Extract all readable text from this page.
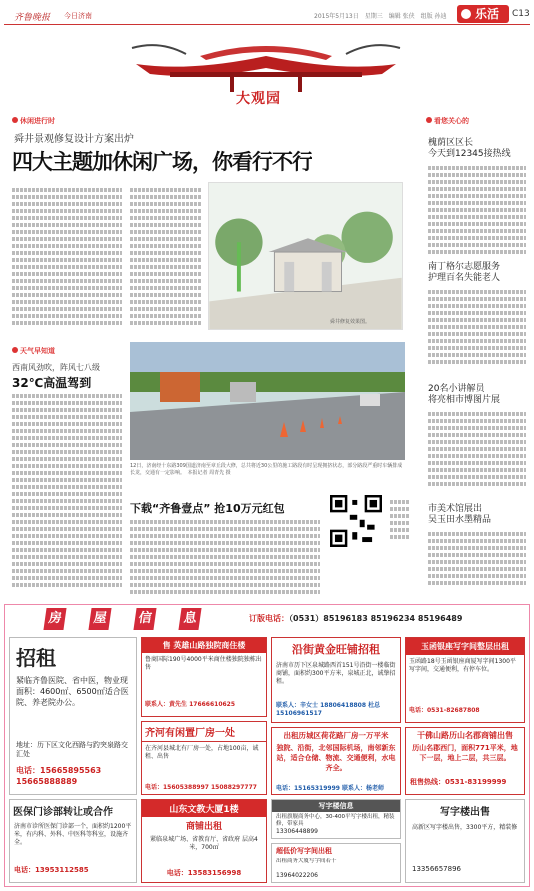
齐鲁晚报 今日济南	2015年5月13日　星期三　编辑 张侠　组版 孙迪	乐活	C13
大观园
休闲进行时
舜井景观修复设计方案出炉
四大主题加休闲广场，你看行不行
舜井修复效果图。
看您关心的
槐荫区区长
今天到12345接热线
南丁格尔志愿服务
护理百名失能老人
20名小讲解员
将亮相市博图片展
市美术馆展出
吴玉田水墨精品
天气早知道
西南风劲吹，阵风七八级
32℃高温驾到
12日，济南经十东路309国道济南至章丘段大修，总共将近30公里的施工路段有时呈现拥挤状态，部分路段严重时车辆排成长龙，交通有一定影响。　本报记者 周青先 摄
下载“齐鲁壹点” 抢10万元红包
房	屋	信	息	订版电话：（0531）85196183 85196234 85196489
招租
紧临齐鲁医院、省中医，物业现面积：4600㎡、6500㎡适合医院、养老院办公。
地址：历下区文化西路与趵突泉路交汇处
电话：15665895563 15665888889
售 英雄山路独院商住楼
鲁商国际190号4000平米商住楼独院独栋出售
联系人：黄先生 17666610625
齐河有闲置厂房一处
在齐河县城北有厂房一处，占地100亩，诚租、出售
电话：15605388997 15088297777
沿街黄金旺铺招租
济南市历下区泉城路西首151号沿街一楼临街商铺，面积约300平方米，泉城正北，诚挚招租。
联系人：辛女士 18806418808 杜总 15106961517
玉函银座写字间整层出租
玉函路18号玉函银座商厦写字间1300平写字间，交通便利，有停车位。
电话：0531-82687808
出租历城区荷花路厂房一万平米
独院、沿街，北邻国际机场，南邻新东站，适合仓储、物流、交通便利，水电齐全。
电话：15165319999 联系人：杨老师
干佛山路历山名郡商铺出售
历山名郡西门，面积771平米，地下一层，地上二层，共三层。
租售热线：0531-83199999
医保门诊部转让或合作
济南市诊所医保门诊部一个，面积约1200平米，有内科、外科、中医科等科室，设施齐全。
电话：13953112585
山东文教大厦1楼
商铺出租
紧临泉城广场、省教育厅、省政府 层高4米，700㎡
电话：13583156998
写字楼信息
出租旗舰商务中心，30-400平写字楼出租，精装修，带家具
13306448899
超低价写字间出租
出租商务大厦写字间若干
13964022206
写字楼出售
高新区写字楼出售，3300平方，精装修
13356657896
